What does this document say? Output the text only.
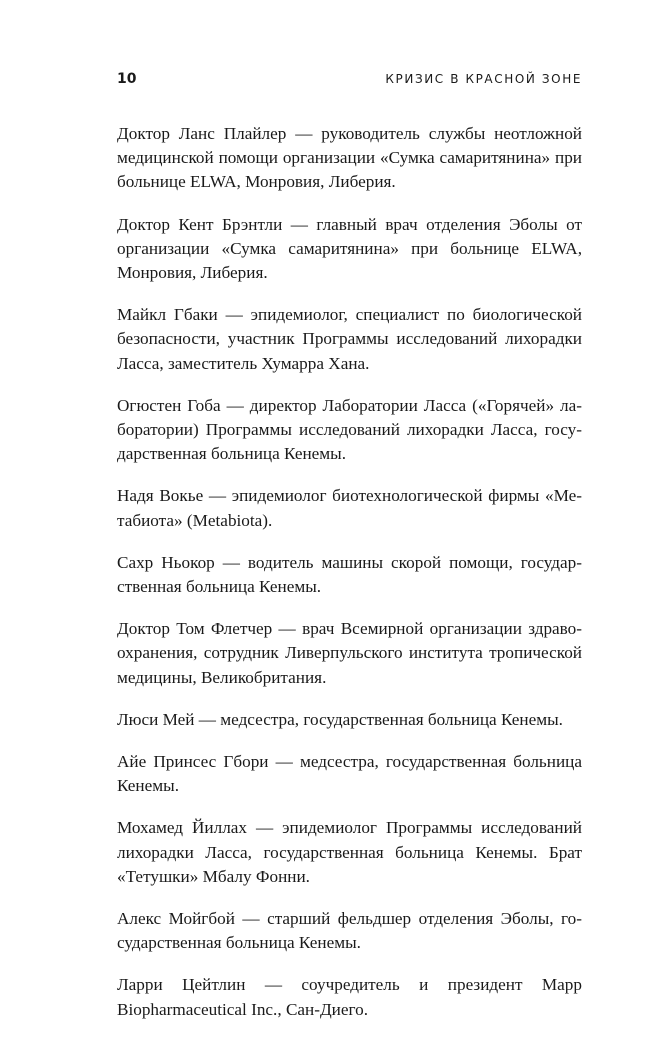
10	КРИЗИС В КРАСНОЙ ЗОНЕ

Доктор Ланс Плайлер — руководитель службы неотложной медицинской помощи организации «Сумка самаритянина» при больнице ELWA, Монровия, Либерия.

Доктор Кент Брэнтли — главный врач отделения Эболы от организации «Сумка самаритянина» при больнице ELWA, Монровия, Либерия.

Майкл Гбаки — эпидемиолог, специалист по биологической безопасности, участник Программы исследований лихорадки Ласса, заместитель Хумарра Хана.

Огюстен Гоба — директор Лаборатории Ласса («Горячей» лаборатории) Программы исследований лихорадки Ласса, государственная больница Кенемы.

Надя Вокье — эпидемиолог биотехнологической фирмы «Метабиота» (Metabiota).

Сахр Ньокор — водитель машины скорой помощи, государственная больница Кенемы.

Доктор Том Флетчер — врач Всемирной организации здравоохранения, сотрудник Ливерпульского института тропической медицины, Великобритания.

Люси Мей — медсестра, государственная больница Кенемы.

Айе Принсес Гбори — медсестра, государственная больница Кенемы.

Мохамед Йиллах — эпидемиолог Программы исследований лихорадки Ласса, государственная больница Кенемы. Брат «Тетушки» Мбалу Фонни.

Алекс Мойгбой — старший фельдшер отделения Эболы, государственная больница Кенемы.

Ларри Цейтлин — соучредитель и президент Mapp Biopharmaceutical Inc., Сан-Диего.
